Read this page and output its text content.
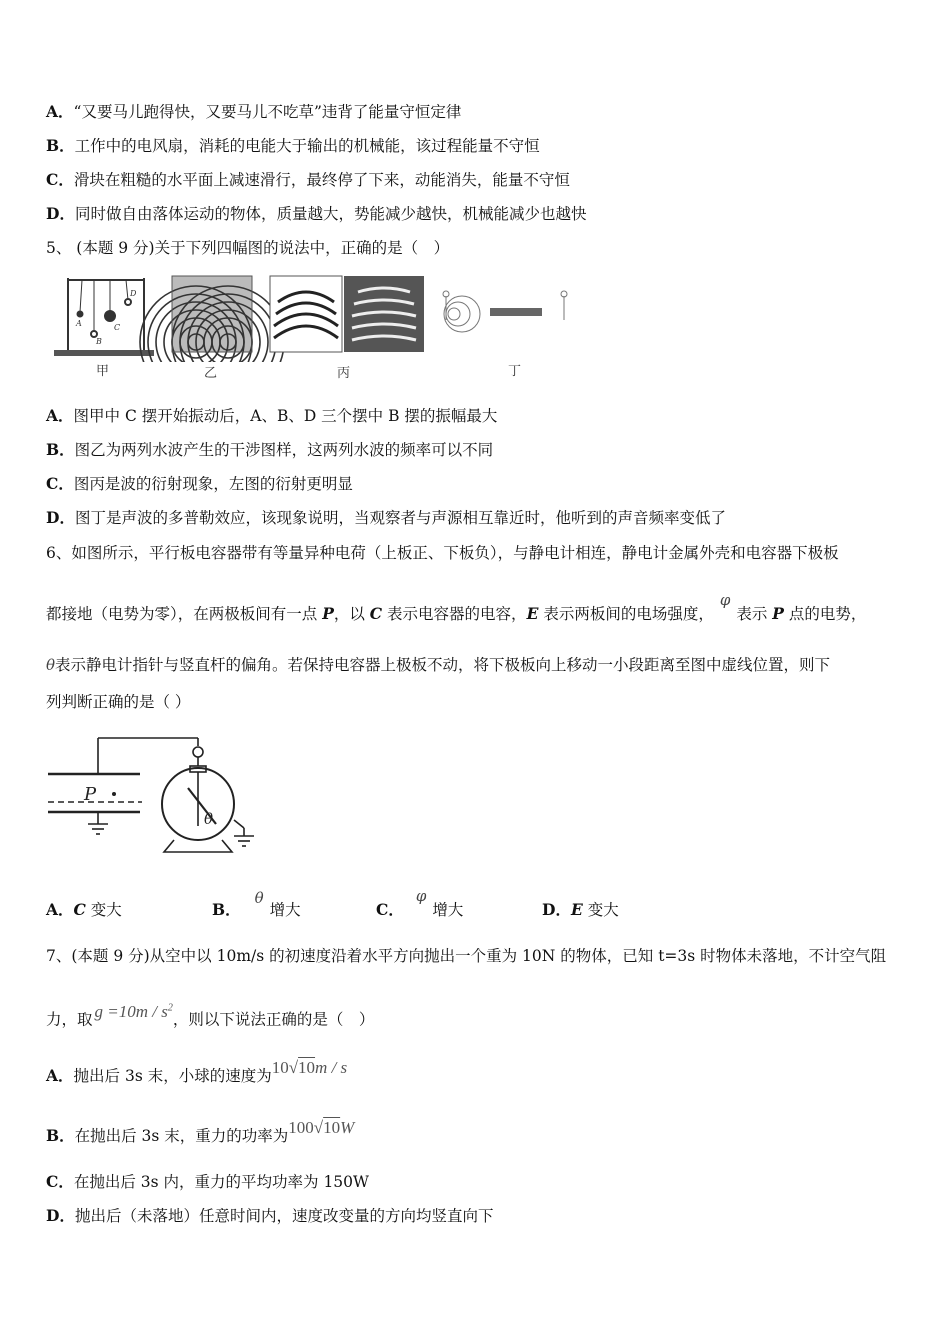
A．“又要马儿跑得快，又要马儿不吃草”违背了能量守恒定律
B．工作中的电风扇，消耗的电能大于输出的机械能，该过程能量不守恒
C．滑块在粗糙的水平面上减速滑行，最终停了下来，动能消失，能量不守恒
D．同时做自由落体运动的物体，质量越大，势能减少越快，机械能减少也越快
5、 (本题 9 分)关于下列四幅图的说法中，正确的是（　）
A
B
C
D
甲	乙	丙	丁
A．图甲中 C 摆开始振动后，A、B、D 三个摆中 B 摆的振幅最大
B．图乙为两列水波产生的干涉图样，这两列水波的频率可以不同
C．图丙是波的衍射现象，左图的衍射更明显
D．图丁是声波的多普勒效应，该现象说明，当观察者与声源相互靠近时，他听到的声音频率变低了
6、如图所示，平行板电容器带有等量异种电荷（上板正、下板负），与静电计相连，静电计金属外壳和电容器下极板
都接地（电势为零），在两极板间有一点 P，以 C 表示电容器的电容，E 表示两板间的电场强度，φ表示 P 点的电势，
θ表示静电计指针与竖直杆的偏角。若保持电容器上极板不动，将下极板向上移动一小段距离至图中虚线位置，则下
列判断正确的是（ ）
P
θ
A．C 变大	B．θ增大	C．φ增大	D．E 变大
7、(本题 9 分)从空中以 10m/s 的初速度沿着水平方向抛出一个重为 10N 的物体，已知 t=3s 时物体未落地，不计空气阻
力，取 $g =10m / s^2$，则以下说法正确的是（　）
A．抛出后 3s 末，小球的速度为10√10m / s
B．在抛出后 3s 末，重力的功率为100√10W
C．在抛出后 3s 内，重力的平均功率为 150W
D．抛出后（未落地）任意时间内，速度改变量的方向均竖直向下
